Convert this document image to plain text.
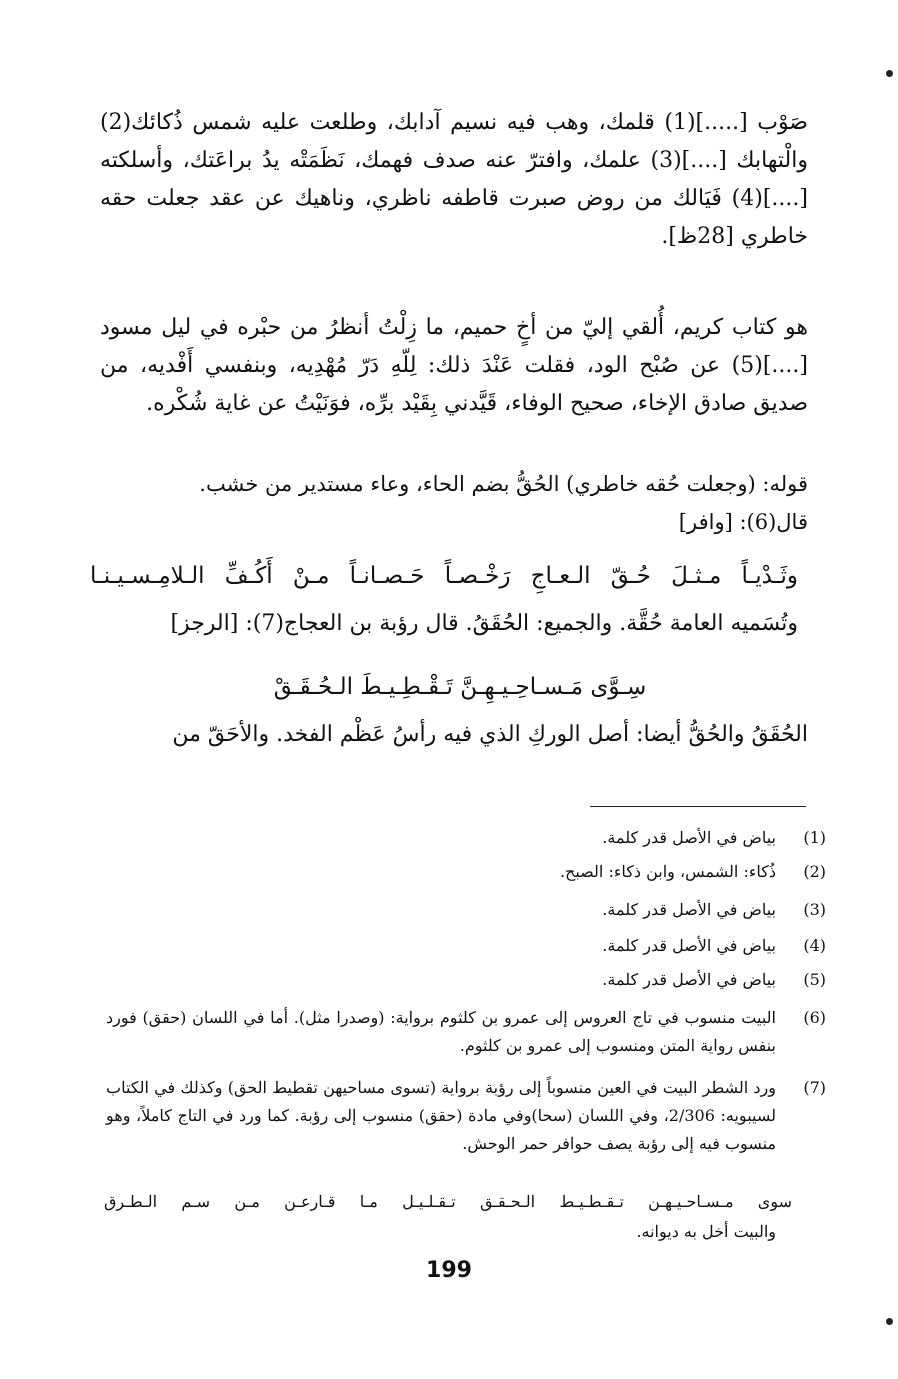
صَوْب [.....](1) قلمك، وهب فيه نسيم آدابك، وطلعت عليه شمس ذُكائك(2) والْتهابك [....](3) علمك، وافترّ عنه صدف فهمك، نَظَمَتْه يدُ براعَتك، وأسلكته [....](4) فَيَالك من روض صبرت قاطفه ناظري، وناهيك عن عقد جعلت حقه خاطري [28ظ].

هو كتاب كريم، أُلقي إليّ من أخٍ حميم، ما زِلْتُ أنظرُ من حبْره في ليل مسود [....](5) عن صُبْح الود، فقلت عَنْدَ ذلك: لِلّهِ دَرّ مُهْدِيه، وبنفسي أَفْديه، من صديق صادق الإخاء، صحيح الوفاء، قَيَّدني بِقَيْد برِّه، فوَنَيْتُ عن غاية شُكْره.

قوله: (وجعلت حُقه خاطري) الحُقُّ بضم الحاء، وعاء مستدير من خشب.
قال(6): [وافر]
وثَـدْيـاً مـثـلَ حُـقّ الـعـاجِ رَخْـصـاً حَـصـانـاً مـنْ أَكُـفِّ الـلامِـسـيـنـا

وتُسَميه العامة حُقَّة. والجميع: الحُقَقُ. قال رؤبة بن العجاج(7): [الرجز]

سِـوَّى مَـسـاحِـيـهِـنَّ تَـقْـطِـيـطَ الـحُـقَـقْ

الحُقَقُ والحُقُّ أيضا: أصل الوركِ الذي فيه رأسُ عَظْم الفخد. والأحَقّ من

(1)
بياض في الأصل قدر كلمة.
(2)
ذُكاء: الشمس، وابن ذكاء: الصبح.
(3)
بياض في الأصل قدر كلمة.
(4)
بياض في الأصل قدر كلمة.
(5)
بياض في الأصل قدر كلمة.
(6)
البيت منسوب في تاج العروس إلى عمرو بن كلثوم برواية: (وصدرا مثل). أما في اللسان (حقق) فورد بنفس رواية المتن ومنسوب إلى عمرو بن كلثوم.
(7)
ورد الشطر البيت في العين منسوباً إلى رؤبة برواية (تسوى مساحيهن تقطيط الحق) وكذلك في الكتاب لسيبويه: 2/306، وفي اللسان (سحا)وفي مادة (حقق) منسوب إلى رؤبة. كما ورد في التاج كاملاً، وهو منسوب فيه إلى رؤبة يصف حوافر حمر الوحش.
سوى مـسـاحـيـهـن تـقـطـيـط الـحـقـق تـقـلـيـل مـا قـارعـن مـن سـم الـطـرق
والبيت أخل به ديوانه.
199
